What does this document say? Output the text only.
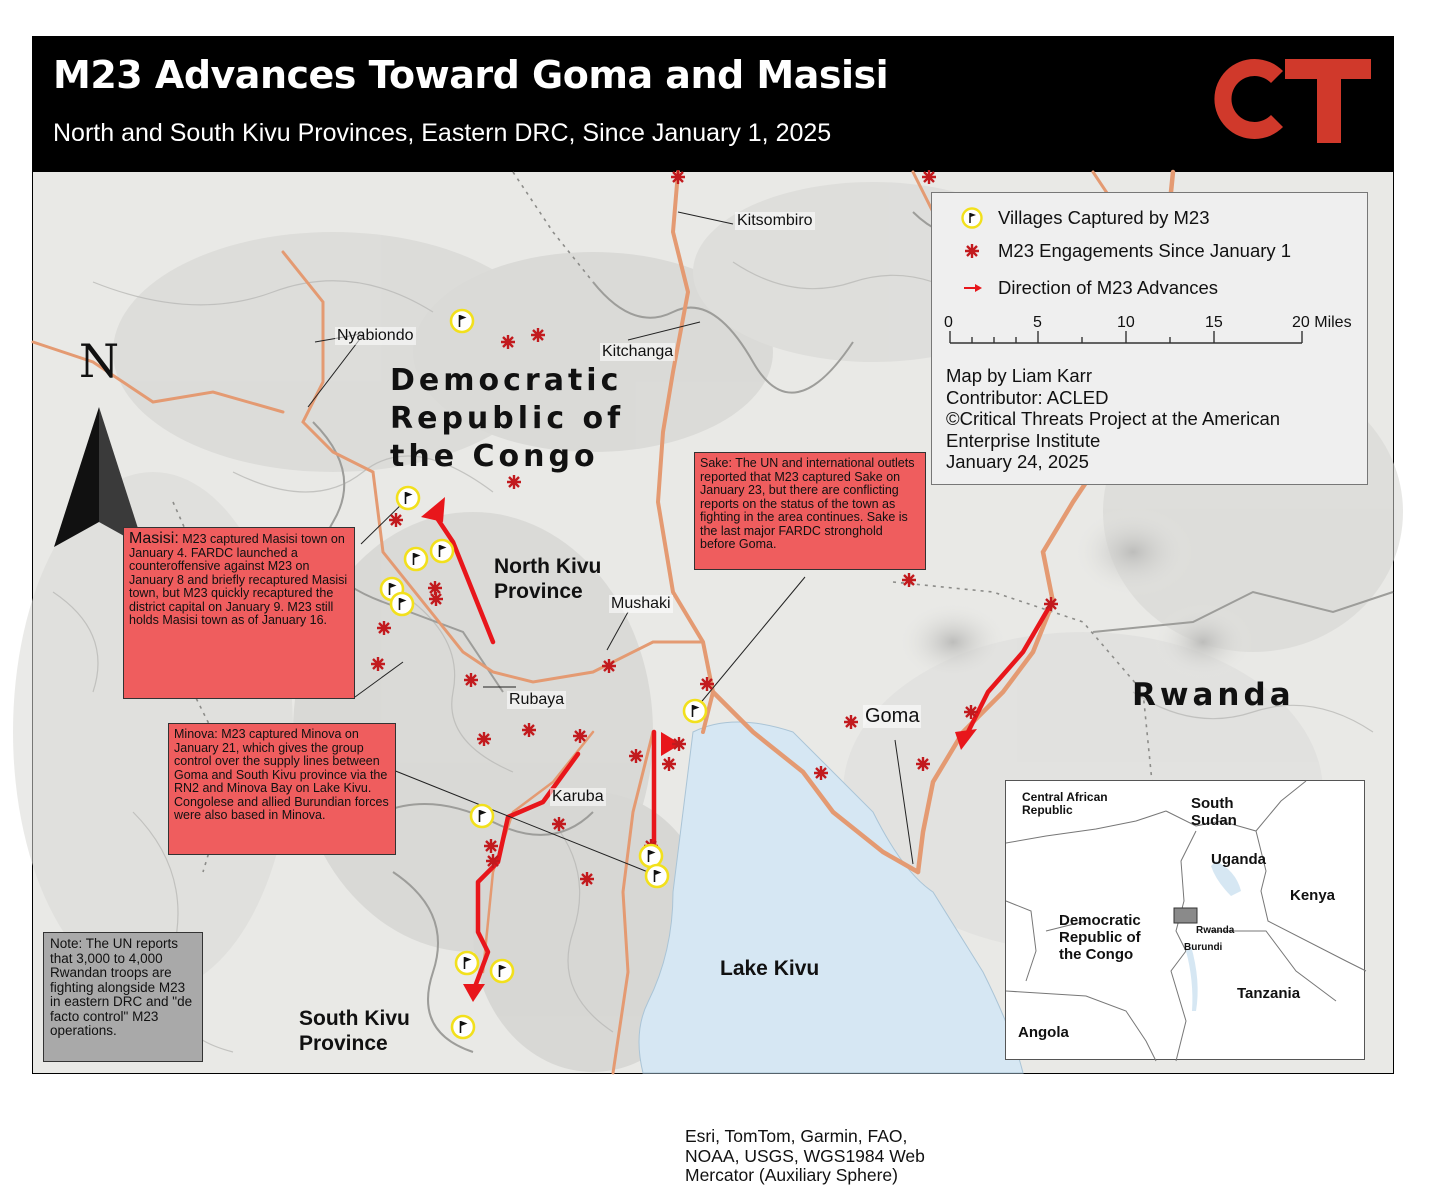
M23 Advances Toward Goma and Masisi
North and South Kivu Provinces, Eastern DRC, Since January 1, 2025
N	Democratic
Republic of
the Congo
Rwanda
North Kivu
Province
South Kivu
Province
Lake Kivu
Kitsombiro
Nyabiondo
Kitchanga
Mushaki
Rubaya
Karuba
Goma
Masisi: M23 captured Masisi town on January 4. FARDC launched a counteroffensive against M23 on January 8 and briefly recaptured Masisi town, but M23 quickly recaptured the district capital on January 9. M23 still holds Masisi town as of January 16.
Sake: The UN and international outlets reported that M23 captured Sake on January 23, but there are conflicting reports on the status of the town as fighting in the area continues. Sake is the last major FARDC stronghold before Goma.
Minova: M23 captured Minova on January 21, which gives the group control over the supply lines between Goma and South Kivu province via the RN2 and Minova Bay on Lake Kivu. Congolese and allied Burundian forces were also based in Minova.
Note: The UN reports that 3,000 to 4,000 Rwandan troops are fighting alongside M23 in eastern DRC and "de facto control" M23 operations.
Esri, TomTom, Garmin, FAO, NOAA, USGS, WGS1984 Web Mercator (Auxiliary Sphere)
Villages Captured by M23
M23 Engagements Since January 1
Direction of M23 Advances
0	5	10	15	20 Miles
Map by Liam Karr
Contributor: ACLED
©Critical Threats Project at the American
Enterprise Institute
January 24, 2025
Central African
Republic	South
Sudan
Uganda
Kenya
Democratic
Republic of
the Congo
Rwanda
Burundi
Tanzania
Angola
